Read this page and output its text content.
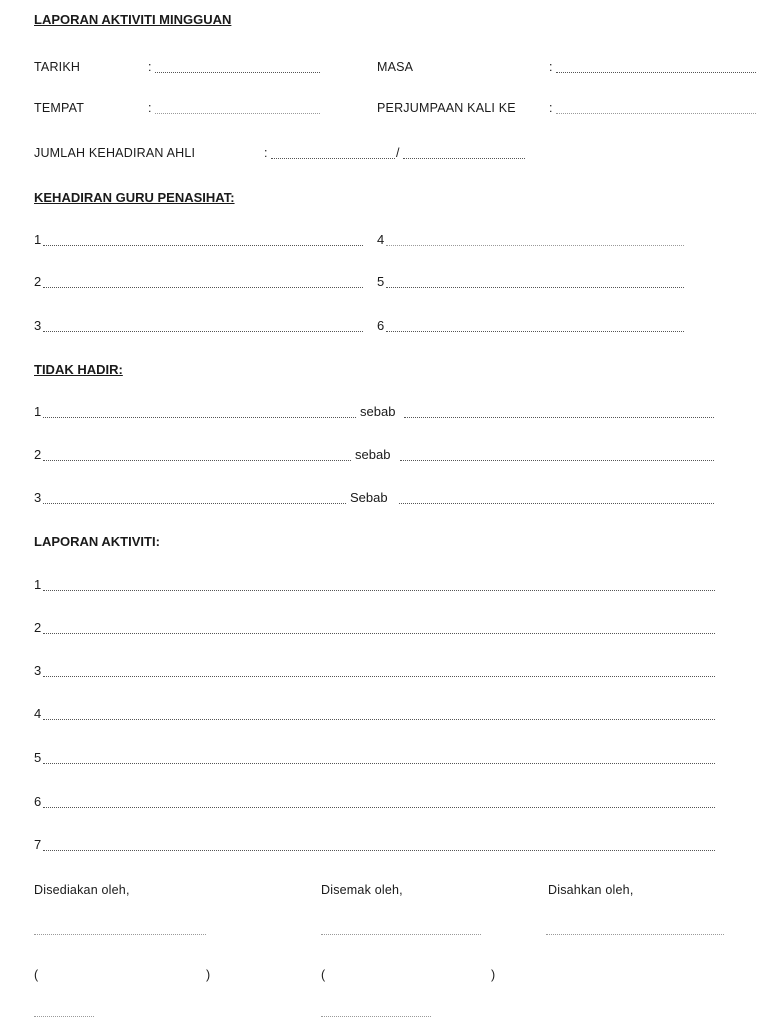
LAPORAN AKTIVITI MINGGUAN
TARIKH	:	MASA	:
TEMPAT	:	PERJUMPAAN KALI KE	:
JUMLAH KEHADIRAN AHLI	:	/
KEHADIRAN GURU PENASIHAT:
1	4
2	5
3	6
TIDAK HADIR:
1	sebab
2	sebab
3	Sebab
LAPORAN AKTIVITI:
1
2
3
4
5
6
7
Disediakan oleh,	Disemak oleh,	Disahkan oleh,
(	)	(	)
